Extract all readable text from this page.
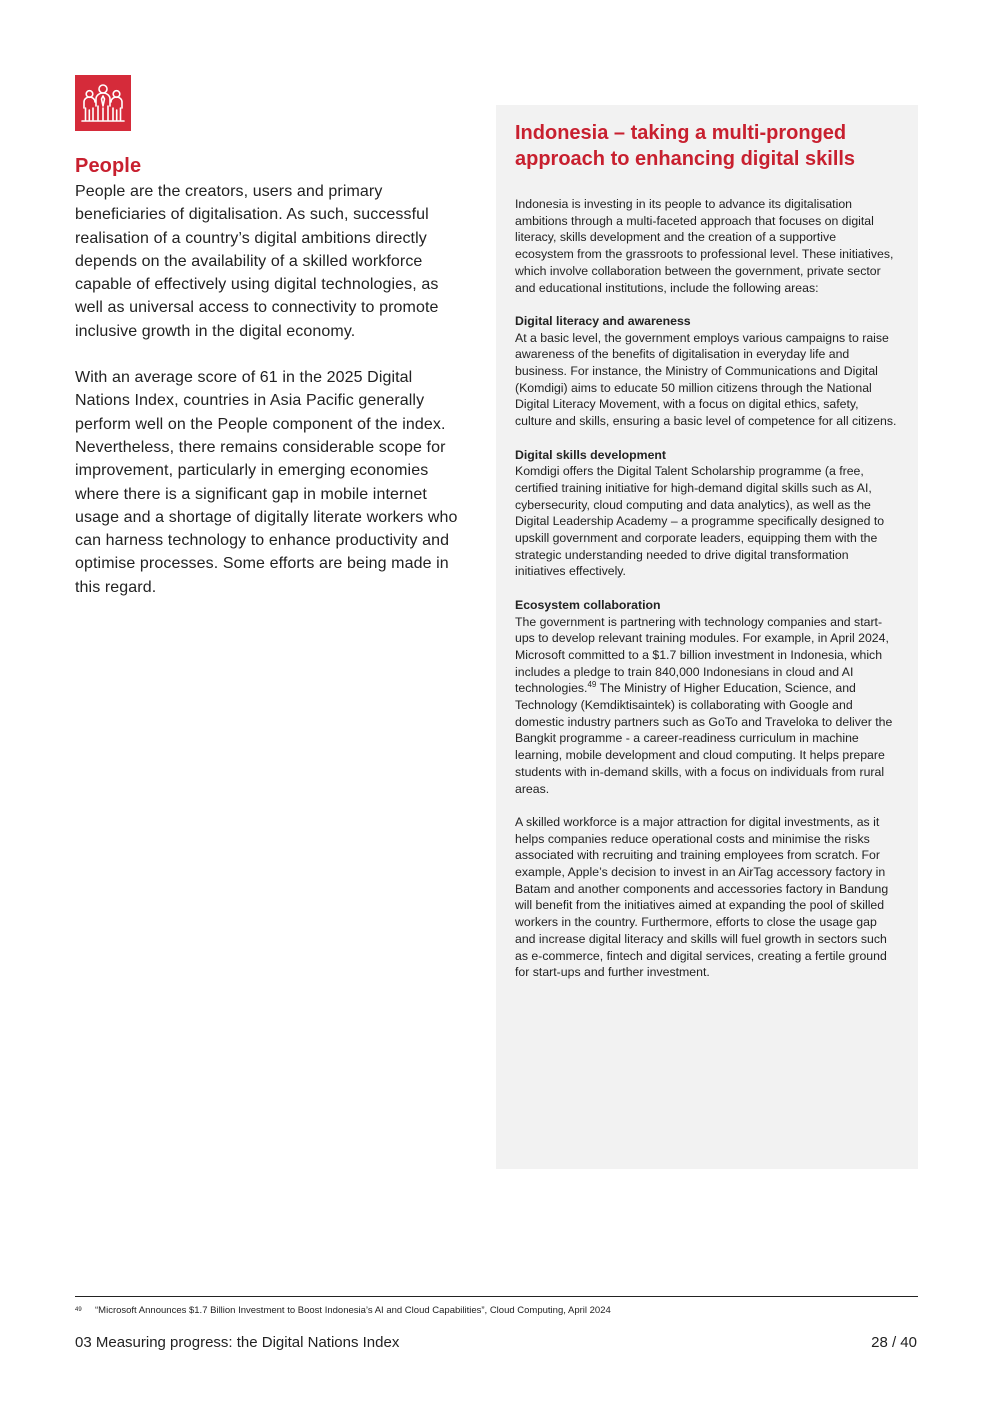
People

People are the creators, users and primary beneficiaries of digitalisation. As such, successful realisation of a country’s digital ambitions directly depends on the availability of a skilled workforce capable of effectively using digital technologies, as well as universal access to connectivity to promote inclusive growth in the digital economy.

With an average score of 61 in the 2025 Digital Nations Index, countries in Asia Pacific generally perform well on the People component of the index. Nevertheless, there remains considerable scope for improvement, particularly in emerging economies where there is a significant gap in mobile internet usage and a shortage of digitally literate workers who can harness technology to enhance productivity and optimise processes. Some efforts are being made in this regard.

Indonesia – taking a multi-pronged approach to enhancing digital skills

Indonesia is investing in its people to advance its digitalisation ambitions through a multi-faceted approach that focuses on digital literacy, skills development and the creation of a supportive ecosystem from the grassroots to professional level. These initiatives, which involve collaboration between the government, private sector and educational institutions, include the following areas:

Digital literacy and awareness

At a basic level, the government employs various campaigns to raise awareness of the benefits of digitalisation in everyday life and business. For instance, the Ministry of Communications and Digital (Komdigi) aims to educate 50 million citizens through the National Digital Literacy Movement, with a focus on digital ethics, safety, culture and skills, ensuring a basic level of competence for all citizens.

Digital skills development

Komdigi offers the Digital Talent Scholarship programme (a free, certified training initiative for high-demand digital skills such as AI, cybersecurity, cloud computing and data analytics), as well as the Digital Leadership Academy – a programme specifically designed to upskill government and corporate leaders, equipping them with the strategic understanding needed to drive digital transformation initiatives effectively.

Ecosystem collaboration

The government is partnering with technology companies and start-ups to develop relevant training modules. For example, in April 2024, Microsoft committed to a $1.7 billion investment in Indonesia, which includes a pledge to train 840,000 Indonesians in cloud and AI technologies.$^{49}$ The Ministry of Higher Education, Science, and Technology (Kemdiktisaintek) is collaborating with Google and domestic industry partners such as GoTo and Traveloka to deliver the Bangkit programme - a career-readiness curriculum in machine learning, mobile development and cloud computing. It helps prepare students with in-demand skills, with a focus on individuals from rural areas.

A skilled workforce is a major attraction for digital investments, as it helps companies reduce operational costs and minimise the risks associated with recruiting and training employees from scratch. For example, Apple’s decision to invest in an AirTag accessory factory in Batam and another components and accessories factory in Bandung will benefit from the initiatives aimed at expanding the pool of skilled workers in the country. Furthermore, efforts to close the usage gap and increase digital literacy and skills will fuel growth in sectors such as e-commerce, fintech and digital services, creating a fertile ground for start-ups and further investment.

49 “Microsoft Announces $1.7 Billion Investment to Boost Indonesia’s AI and Cloud Capabilities”, Cloud Computing, April 2024
03 Measuring progress: the Digital Nations Index	28 / 40
